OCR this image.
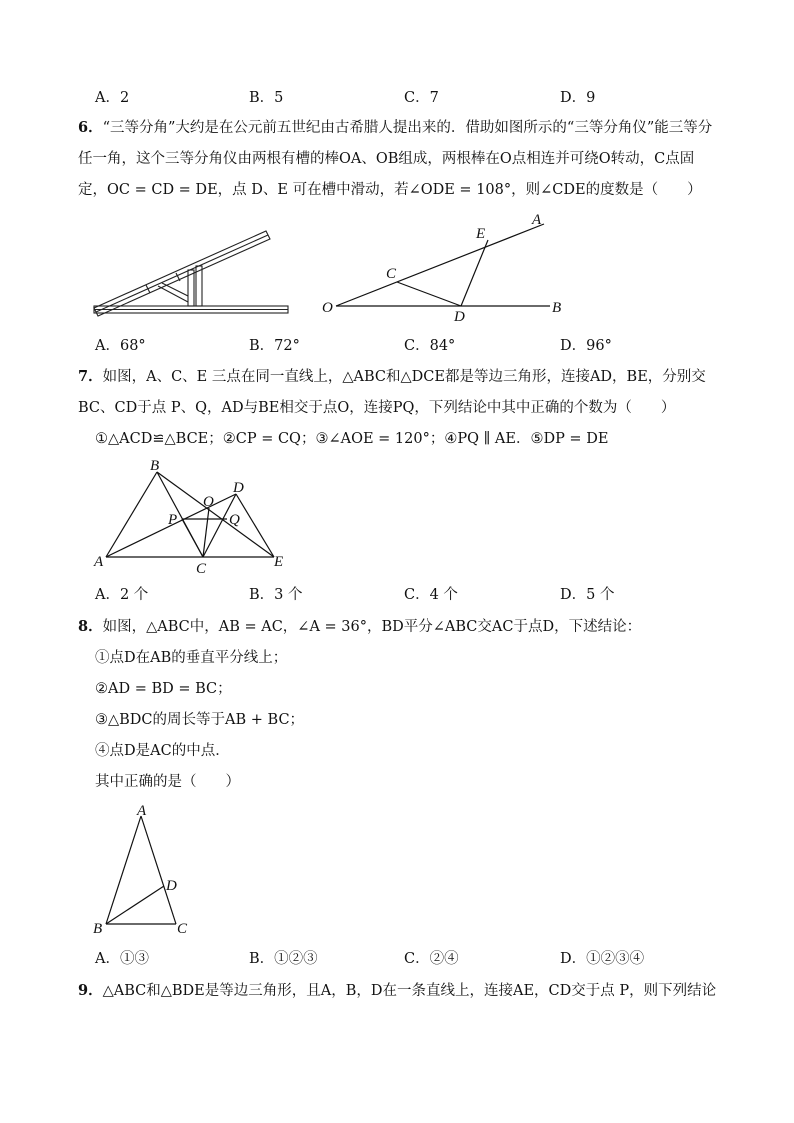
A．2	B．5	C．7	D．9
6．“三等分角”大约是在公元前五世纪由古希腊人提出来的．借助如图所示的“三等分角仪”能三等分
任一角，这个三等分角仪由两根有槽的棒OA、OB组成，两根棒在O点相连并可绕O转动，C点固
定，OC = CD = DE，点 D、E 可在槽中滑动，若∠ODE = 108°，则∠CDE的度数是（　　）
O
C
D
E
A
B
A．68°	B．72°	C．84°	D．96°
7．如图，A、C、E 三点在同一直线上，△ABC和△DCE都是等边三角形，连接AD，BE，分别交
BC、CD于点 P、Q，AD与BE相交于点O，连接PQ，下列结论中其中正确的个数为（　　）
①△ACD≌△BCE；②CP = CQ；③∠AOE = 120°；④PQ ∥ AE．⑤DP = DE
A
B
C
D
E
O
P	Q
A．2 个	B．3 个	C．4 个	D．5 个
8．如图，△ABC中，AB = AC，∠A = 36°，BD平分∠ABC交AC于点D，下述结论：
①点D在AB的垂直平分线上；
②AD = BD = BC；
③△BDC的周长等于AB + BC；
④点D是AC的中点．
其中正确的是（　　）
A
B	C
D
A．①③	B．①②③	C．②④	D．①②③④
9．△ABC和△BDE是等边三角形，且A，B，D在一条直线上，连接AE，CD交于点 P，则下列结论
